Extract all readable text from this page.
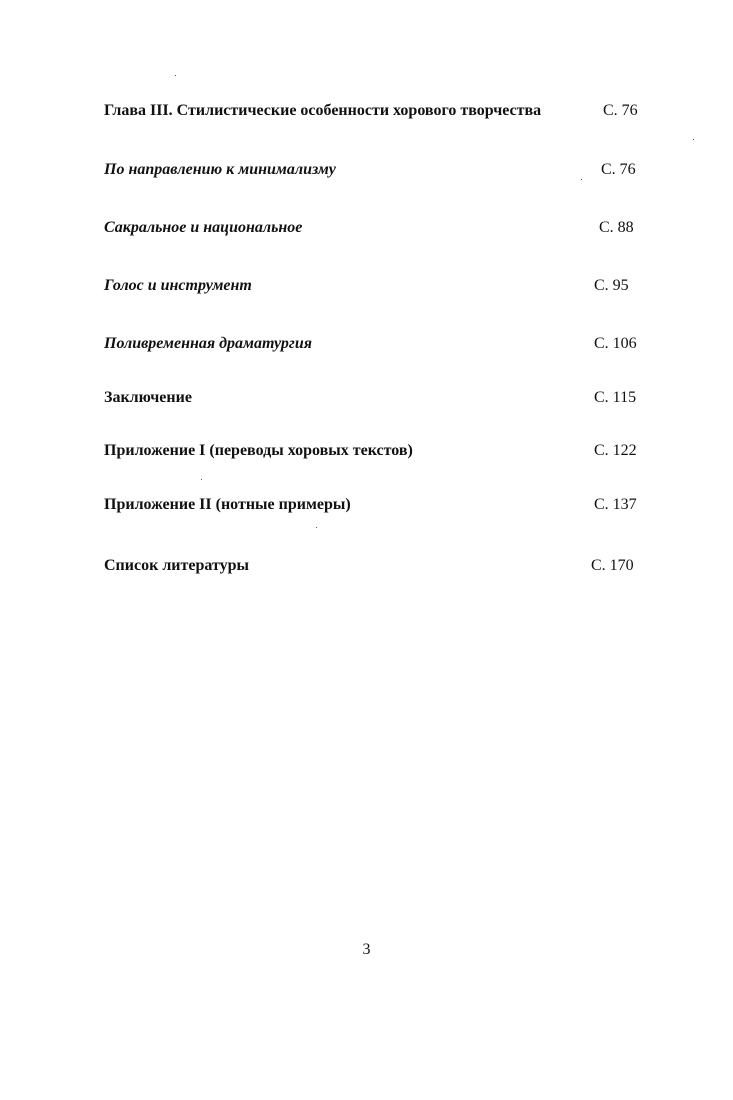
Глава III. Стилистические особенности хорового творчества	С. 76
По направлению к минимализму	С. 76
Сакральное и национальное	С. 88
Голос и инструмент	С. 95
Поливременная драматургия	С. 106
Заключение	С. 115
Приложение I (переводы хоровых текстов)	С. 122
Приложение II (нотные примеры)	С. 137
Список литературы	С. 170
3
